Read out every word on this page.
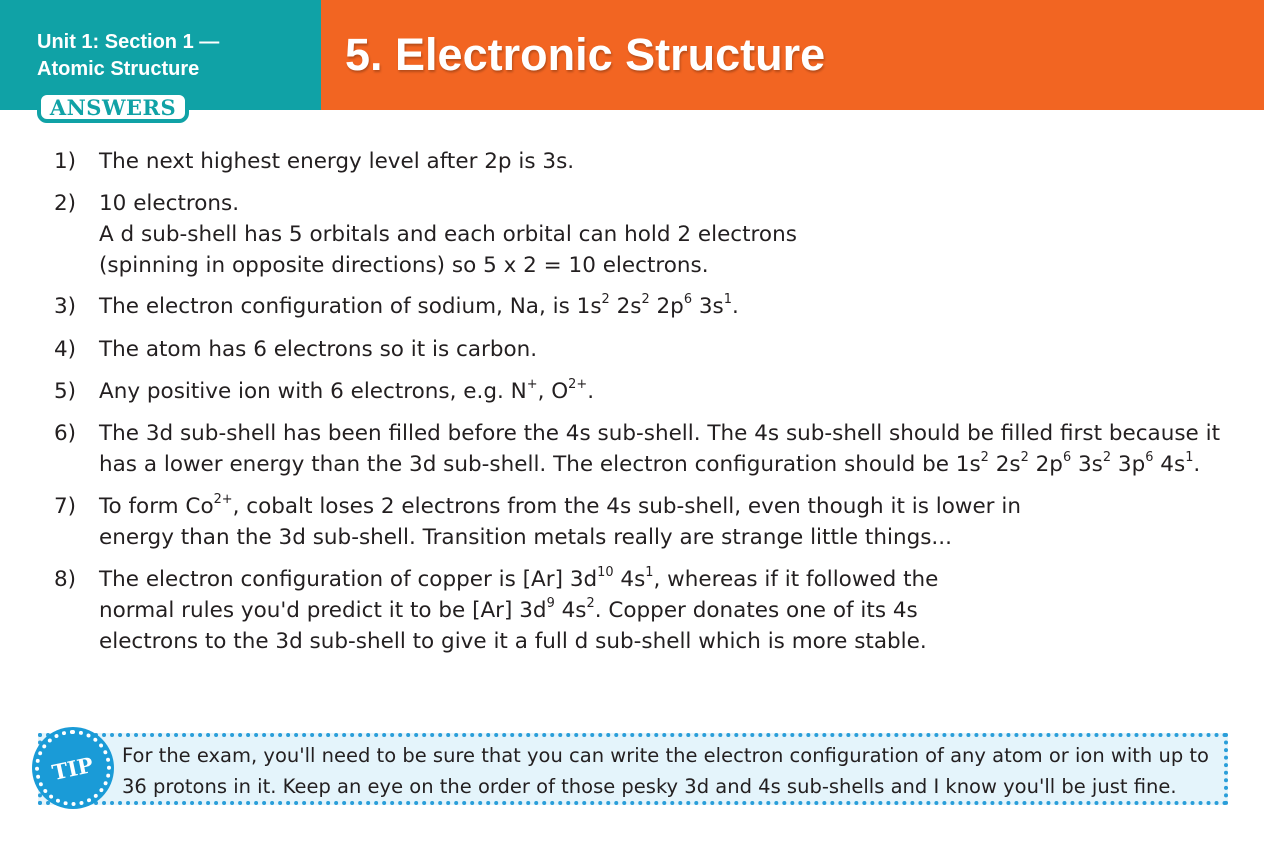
Unit 1: Section 1 —
Atomic Structure
ANSWERS
5. Electronic Structure
1) The next highest energy level after 2p is 3s.
2) 10 electrons.
A d sub-shell has 5 orbitals and each orbital can hold 2 electrons
(spinning in opposite directions) so 5 x 2 = 10 electrons.
3) The electron configuration of sodium, Na, is $1s^2$ $2s^2$ $2p^6$ $3s^1$.
4) The atom has 6 electrons so it is carbon.
5) Any positive ion with 6 electrons, e.g. N+, $O^{2+}$.
6) The 3d sub-shell has been filled before the 4s sub-shell. The 4s sub-shell should be filled first because it
has a lower energy than the 3d sub-shell. The electron configuration should be $1s^2$ $2s^2$ $2p^6$ $3s^2$ $3p^6$ $4s^1$.
7) To form $Co^{2+}$, cobalt loses 2 electrons from the 4s sub-shell, even though it is lower in
energy than the 3d sub-shell. Transition metals really are strange little things...
8) The electron configuration of copper is [Ar] $3d^{10}$ $4s^1$, whereas if it followed the
normal rules you'd predict it to be [Ar] $3d^9$ $4s^2$. Copper donates one of its 4s
electrons to the 3d sub-shell to give it a full d sub-shell which is more stable.
TIP For the exam, you'll need to be sure that you can write the electron configuration of any atom or ion with up to
36 protons in it. Keep an eye on the order of those pesky 3d and 4s sub-shells and I know you'll be just fine.
